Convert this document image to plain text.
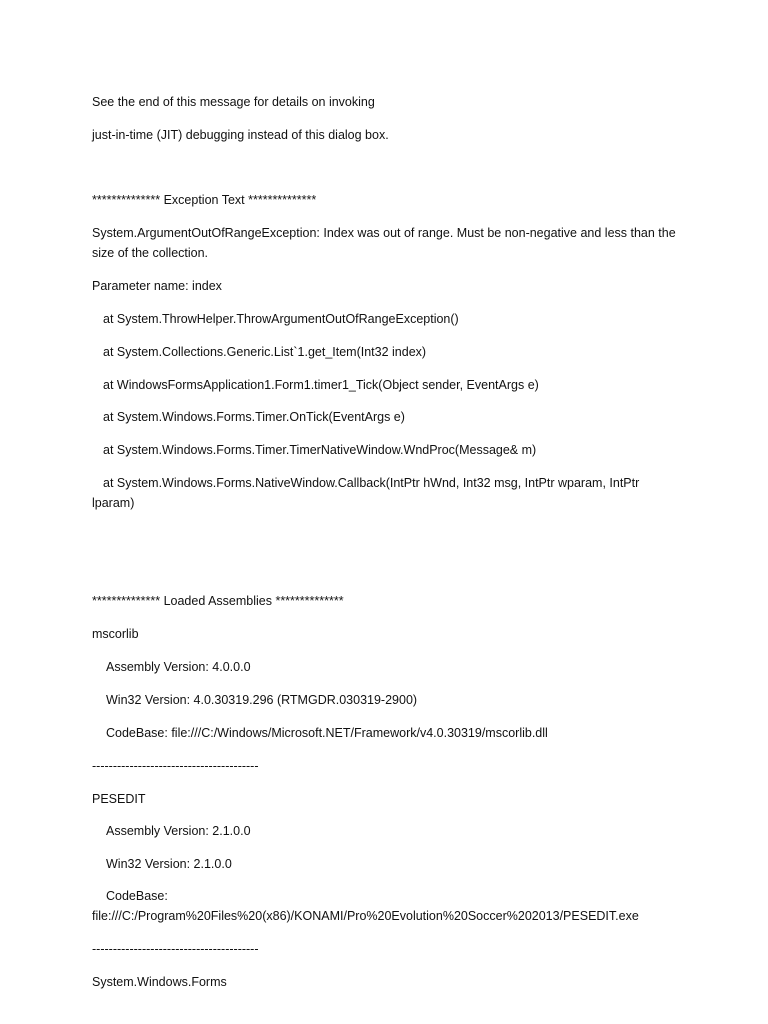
See the end of this message for details on invoking
just-in-time (JIT) debugging instead of this dialog box.
************** Exception Text **************
System.ArgumentOutOfRangeException: Index was out of range. Must be non-negative and less than the size of the collection.
Parameter name: index
at System.ThrowHelper.ThrowArgumentOutOfRangeException()
at System.Collections.Generic.List`1.get_Item(Int32 index)
at WindowsFormsApplication1.Form1.timer1_Tick(Object sender, EventArgs e)
at System.Windows.Forms.Timer.OnTick(EventArgs e)
at System.Windows.Forms.Timer.TimerNativeWindow.WndProc(Message& m)
at System.Windows.Forms.NativeWindow.Callback(IntPtr hWnd, Int32 msg, IntPtr wparam, IntPtr lparam)
************** Loaded Assemblies **************
mscorlib
Assembly Version: 4.0.0.0
Win32 Version: 4.0.30319.296 (RTMGDR.030319-2900)
CodeBase: file:///C:/Windows/Microsoft.NET/Framework/v4.0.30319/mscorlib.dll
----------------------------------------
PESEDIT
Assembly Version: 2.1.0.0
Win32 Version: 2.1.0.0
CodeBase: file:///C:/Program%20Files%20(x86)/KONAMI/Pro%20Evolution%20Soccer%202013/PESEDIT.exe
----------------------------------------
System.Windows.Forms
